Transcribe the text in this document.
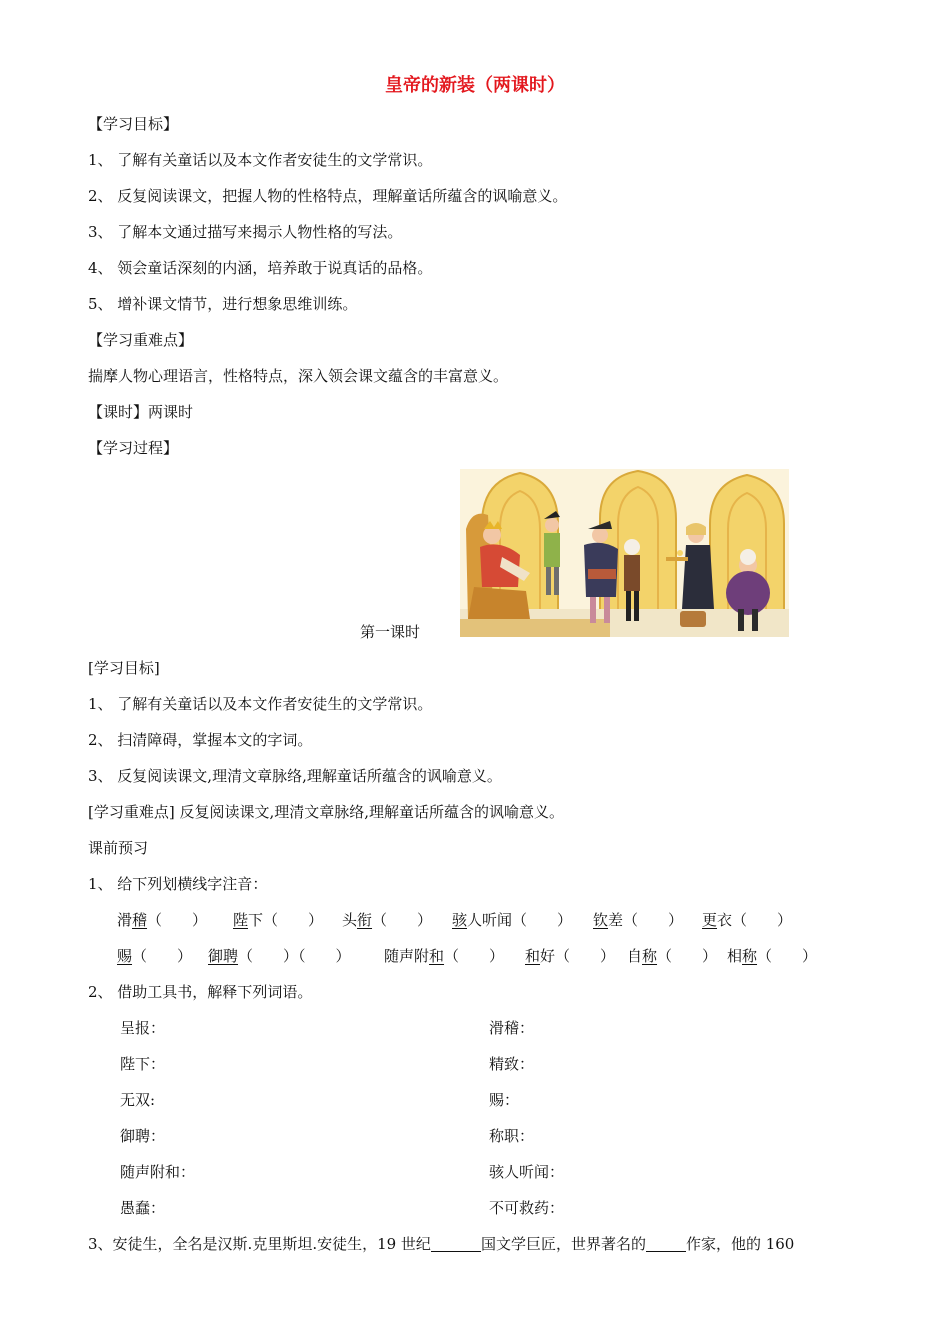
皇帝的新装（两课时）
【学习目标】
1、 了解有关童话以及本文作者安徒生的文学常识。
2、 反复阅读课文，把握人物的性格特点，理解童话所蕴含的讽喻意义。
3、 了解本文通过描写来揭示人物性格的写法。
4、 领会童话深刻的内涵，培养敢于说真话的品格。
5、 增补课文情节，进行想象思维训练。
【学习重难点】
揣摩人物心理语言，性格特点，深入领会课文蕴含的丰富意义。
【课时】两课时
【学习过程】
第一课时
[学习目标]
1、 了解有关童话以及本文作者安徒生的文学常识。
2、 扫清障碍，掌握本文的字词。
3、 反复阅读课文,理清文章脉络,理解童话所蕴含的讽喻意义。
[学习重难点] 反复阅读课文,理清文章脉络,理解童话所蕴含的讽喻意义。
课前预习
1、 给下列划横线字注音：
滑稽（　　） 陛下（　　） 头衔（　　） 骇人听闻（　　） 钦差（　　） 更衣（　　）
赐（　　） 御聘（　　）（　　） 随声附和（　　） 和好（　　） 自称（　　） 相称（　　）
2、 借助工具书，解释下列词语。
呈报：
陛下：
无双:
御聘：
随声附和：
愚蠢：
滑稽：
精致：
赐：
称职：
骇人听闻：
不可救药：
3、安徒生，全名是汉斯.克里斯坦.安徒生，19 世纪	国文学巨匠，世界著名的	作家，他的 160
